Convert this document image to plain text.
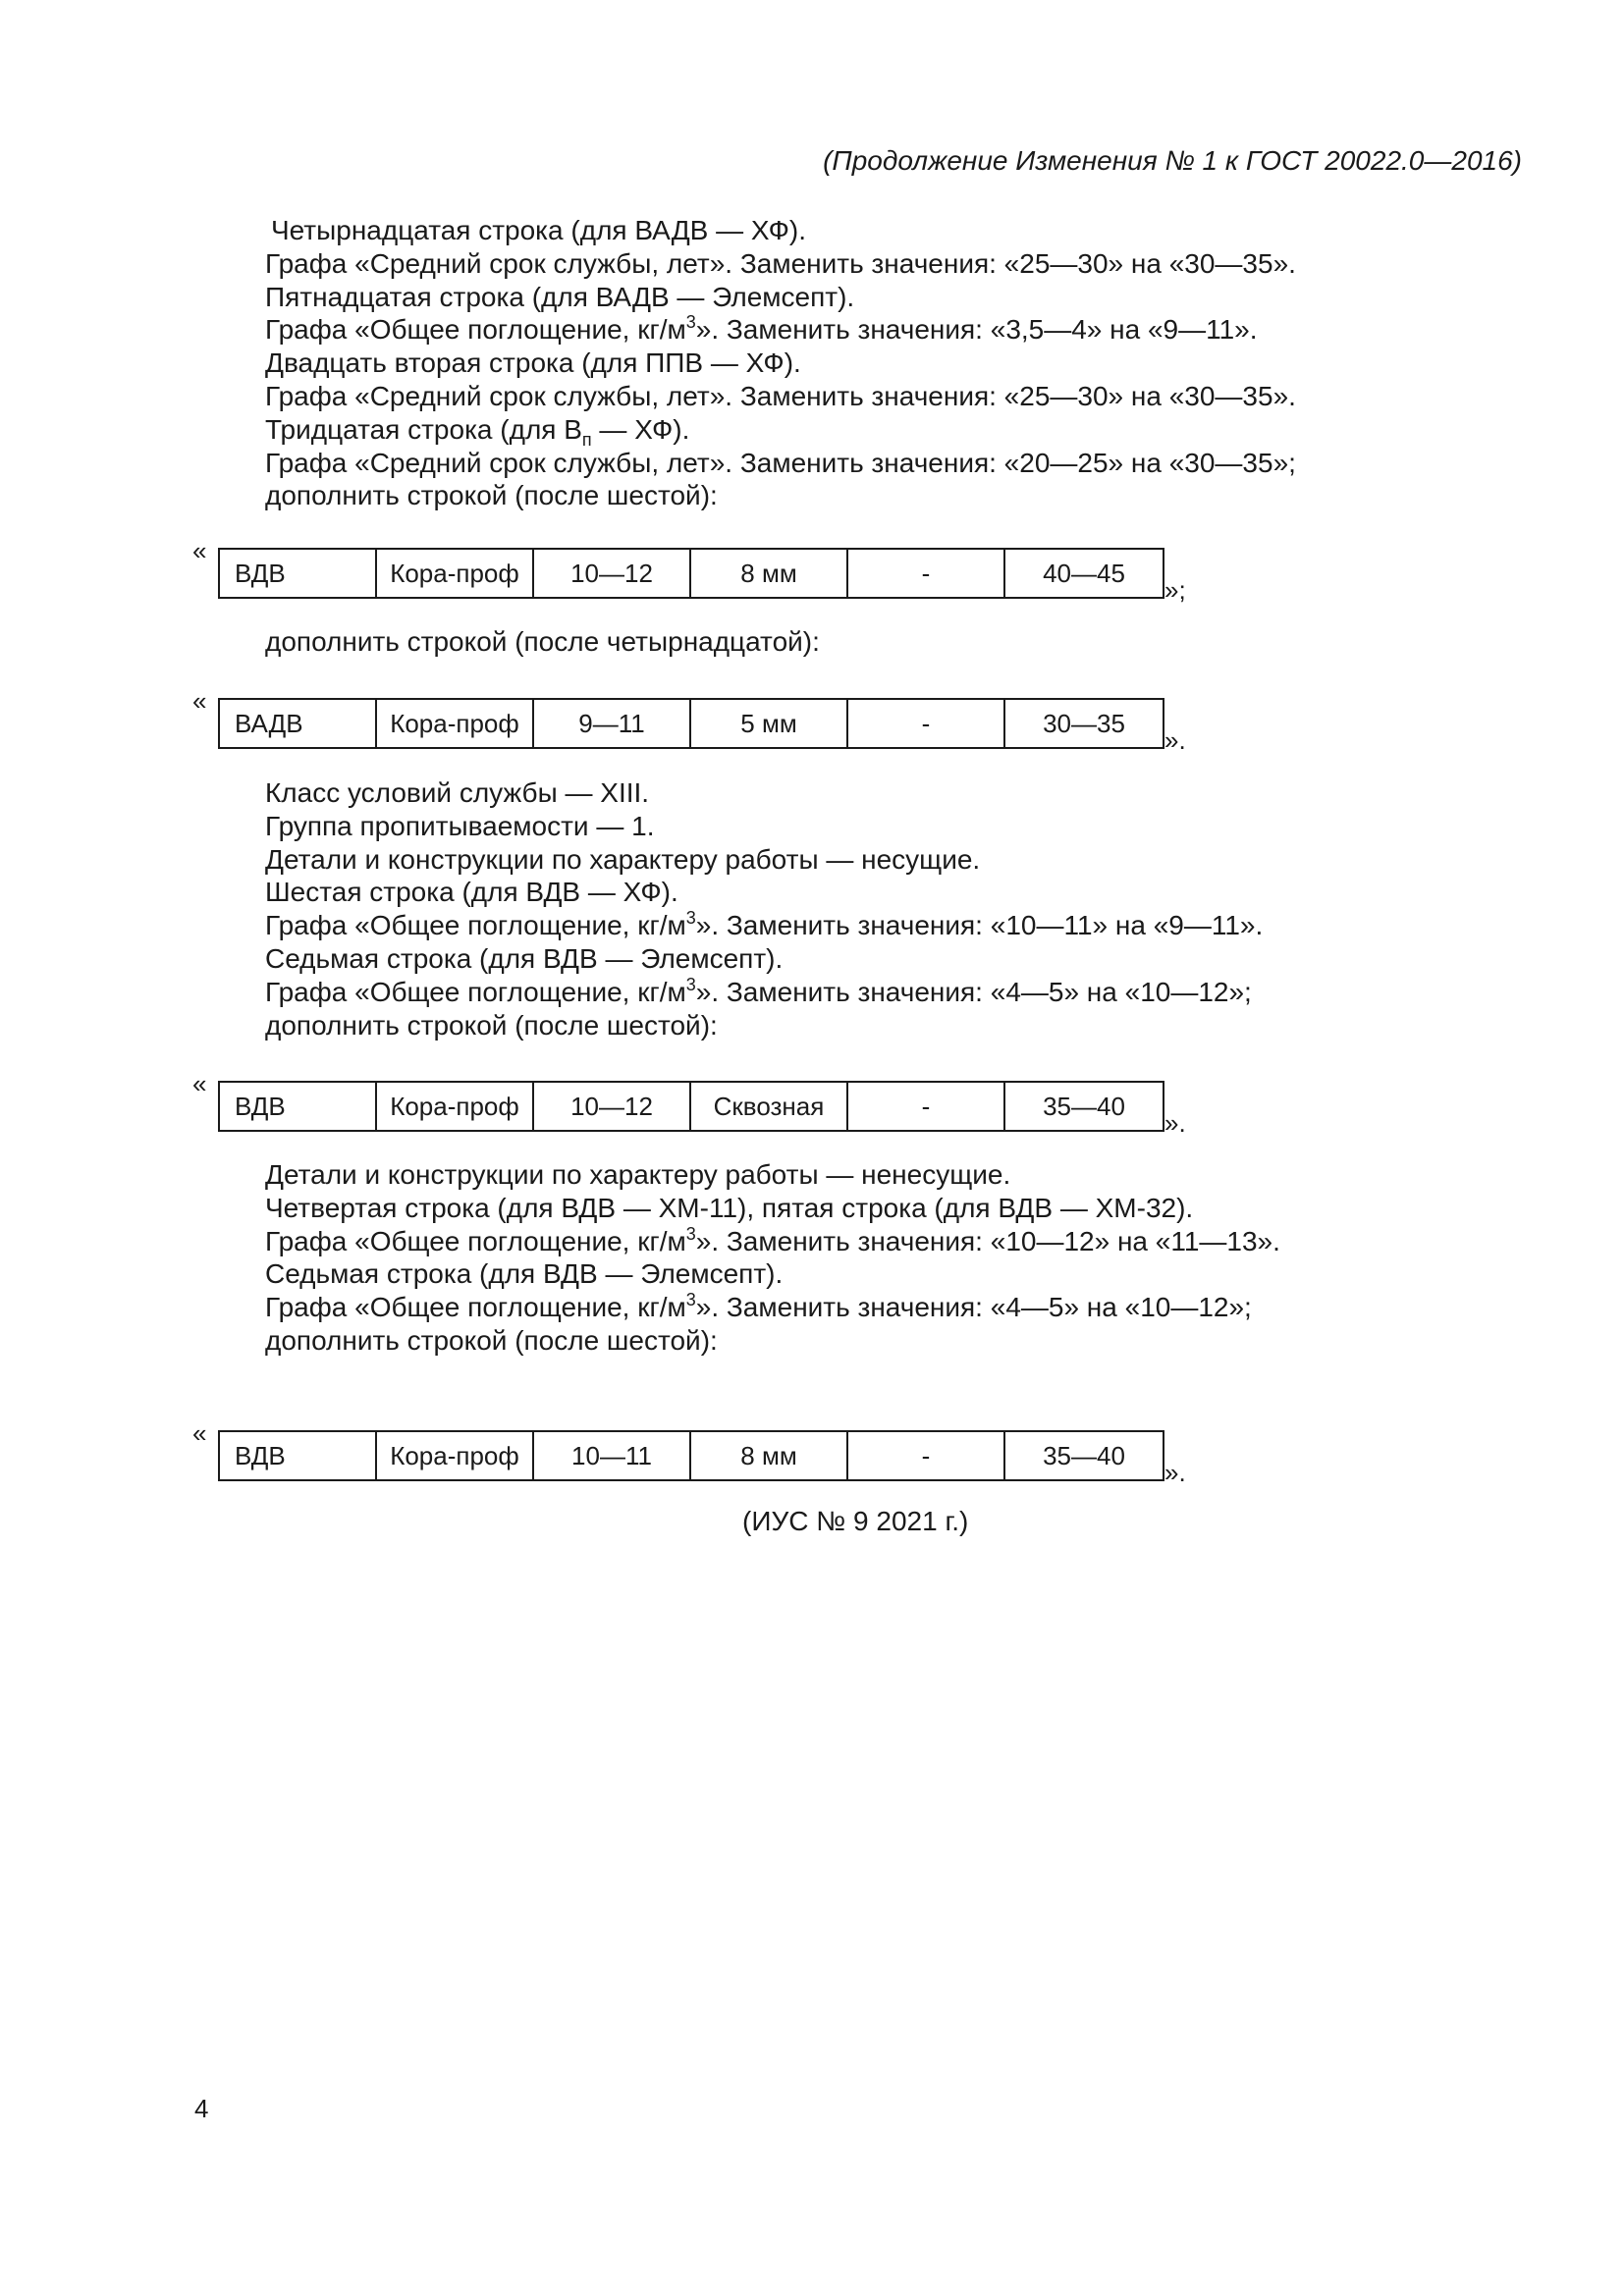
(Продолжение Изменения № 1 к ГОСТ 20022.0—2016)
Четырнадцатая строка (для ВАДВ — ХФ).
Графа «Средний срок службы, лет». Заменить значения: «25—30» на «30—35».
Пятнадцатая строка (для ВАДВ — Элемсепт).
Графа «Общее поглощение, $кг/м^3$». Заменить значения: «3,5—4» на «9—11».
Двадцать вторая строка (для ППВ — ХФ).
Графа «Средний срок службы, лет». Заменить значения: «25—30» на «30—35».
Тридцатая строка (для $В_п$ — ХФ).
Графа «Средний срок службы, лет». Заменить значения: «20—25» на «30—35»;
дополнить строкой (после шестой):
«
ВДВ	Кора-проф	10—12	8 мм	-	40—45
»;
дополнить строкой (после четырнадцатой):
«
ВАДВ	Кора-проф	9—11	5 мм	-	30—35
».
Класс условий службы — XIII.
Группа пропитываемости — 1.
Детали и конструкции по характеру работы — несущие.
Шестая строка (для ВДВ — ХФ).
Графа «Общее поглощение, $кг/м^3$». Заменить значения: «10—11» на «9—11».
Седьмая строка (для ВДВ — Элемсепт).
Графа «Общее поглощение, $кг/м^3$». Заменить значения: «4—5» на «10—12»;
дополнить строкой (после шестой):
«
ВДВ	Кора-проф	10—12	Сквозная	-	35—40
».
Детали и конструкции по характеру работы — ненесущие.
Четвертая строка (для ВДВ — ХМ-11), пятая строка (для ВДВ — ХМ-32).
Графа «Общее поглощение, $кг/м^3$». Заменить значения: «10—12» на «11—13».
Седьмая строка (для ВДВ — Элемсепт).
Графа «Общее поглощение, $кг/м^3$». Заменить значения: «4—5» на «10—12»;
дополнить строкой (после шестой):
«
ВДВ	Кора-проф	10—11	8 мм	-	35—40
».
(ИУС № 9 2021 г.)
4
